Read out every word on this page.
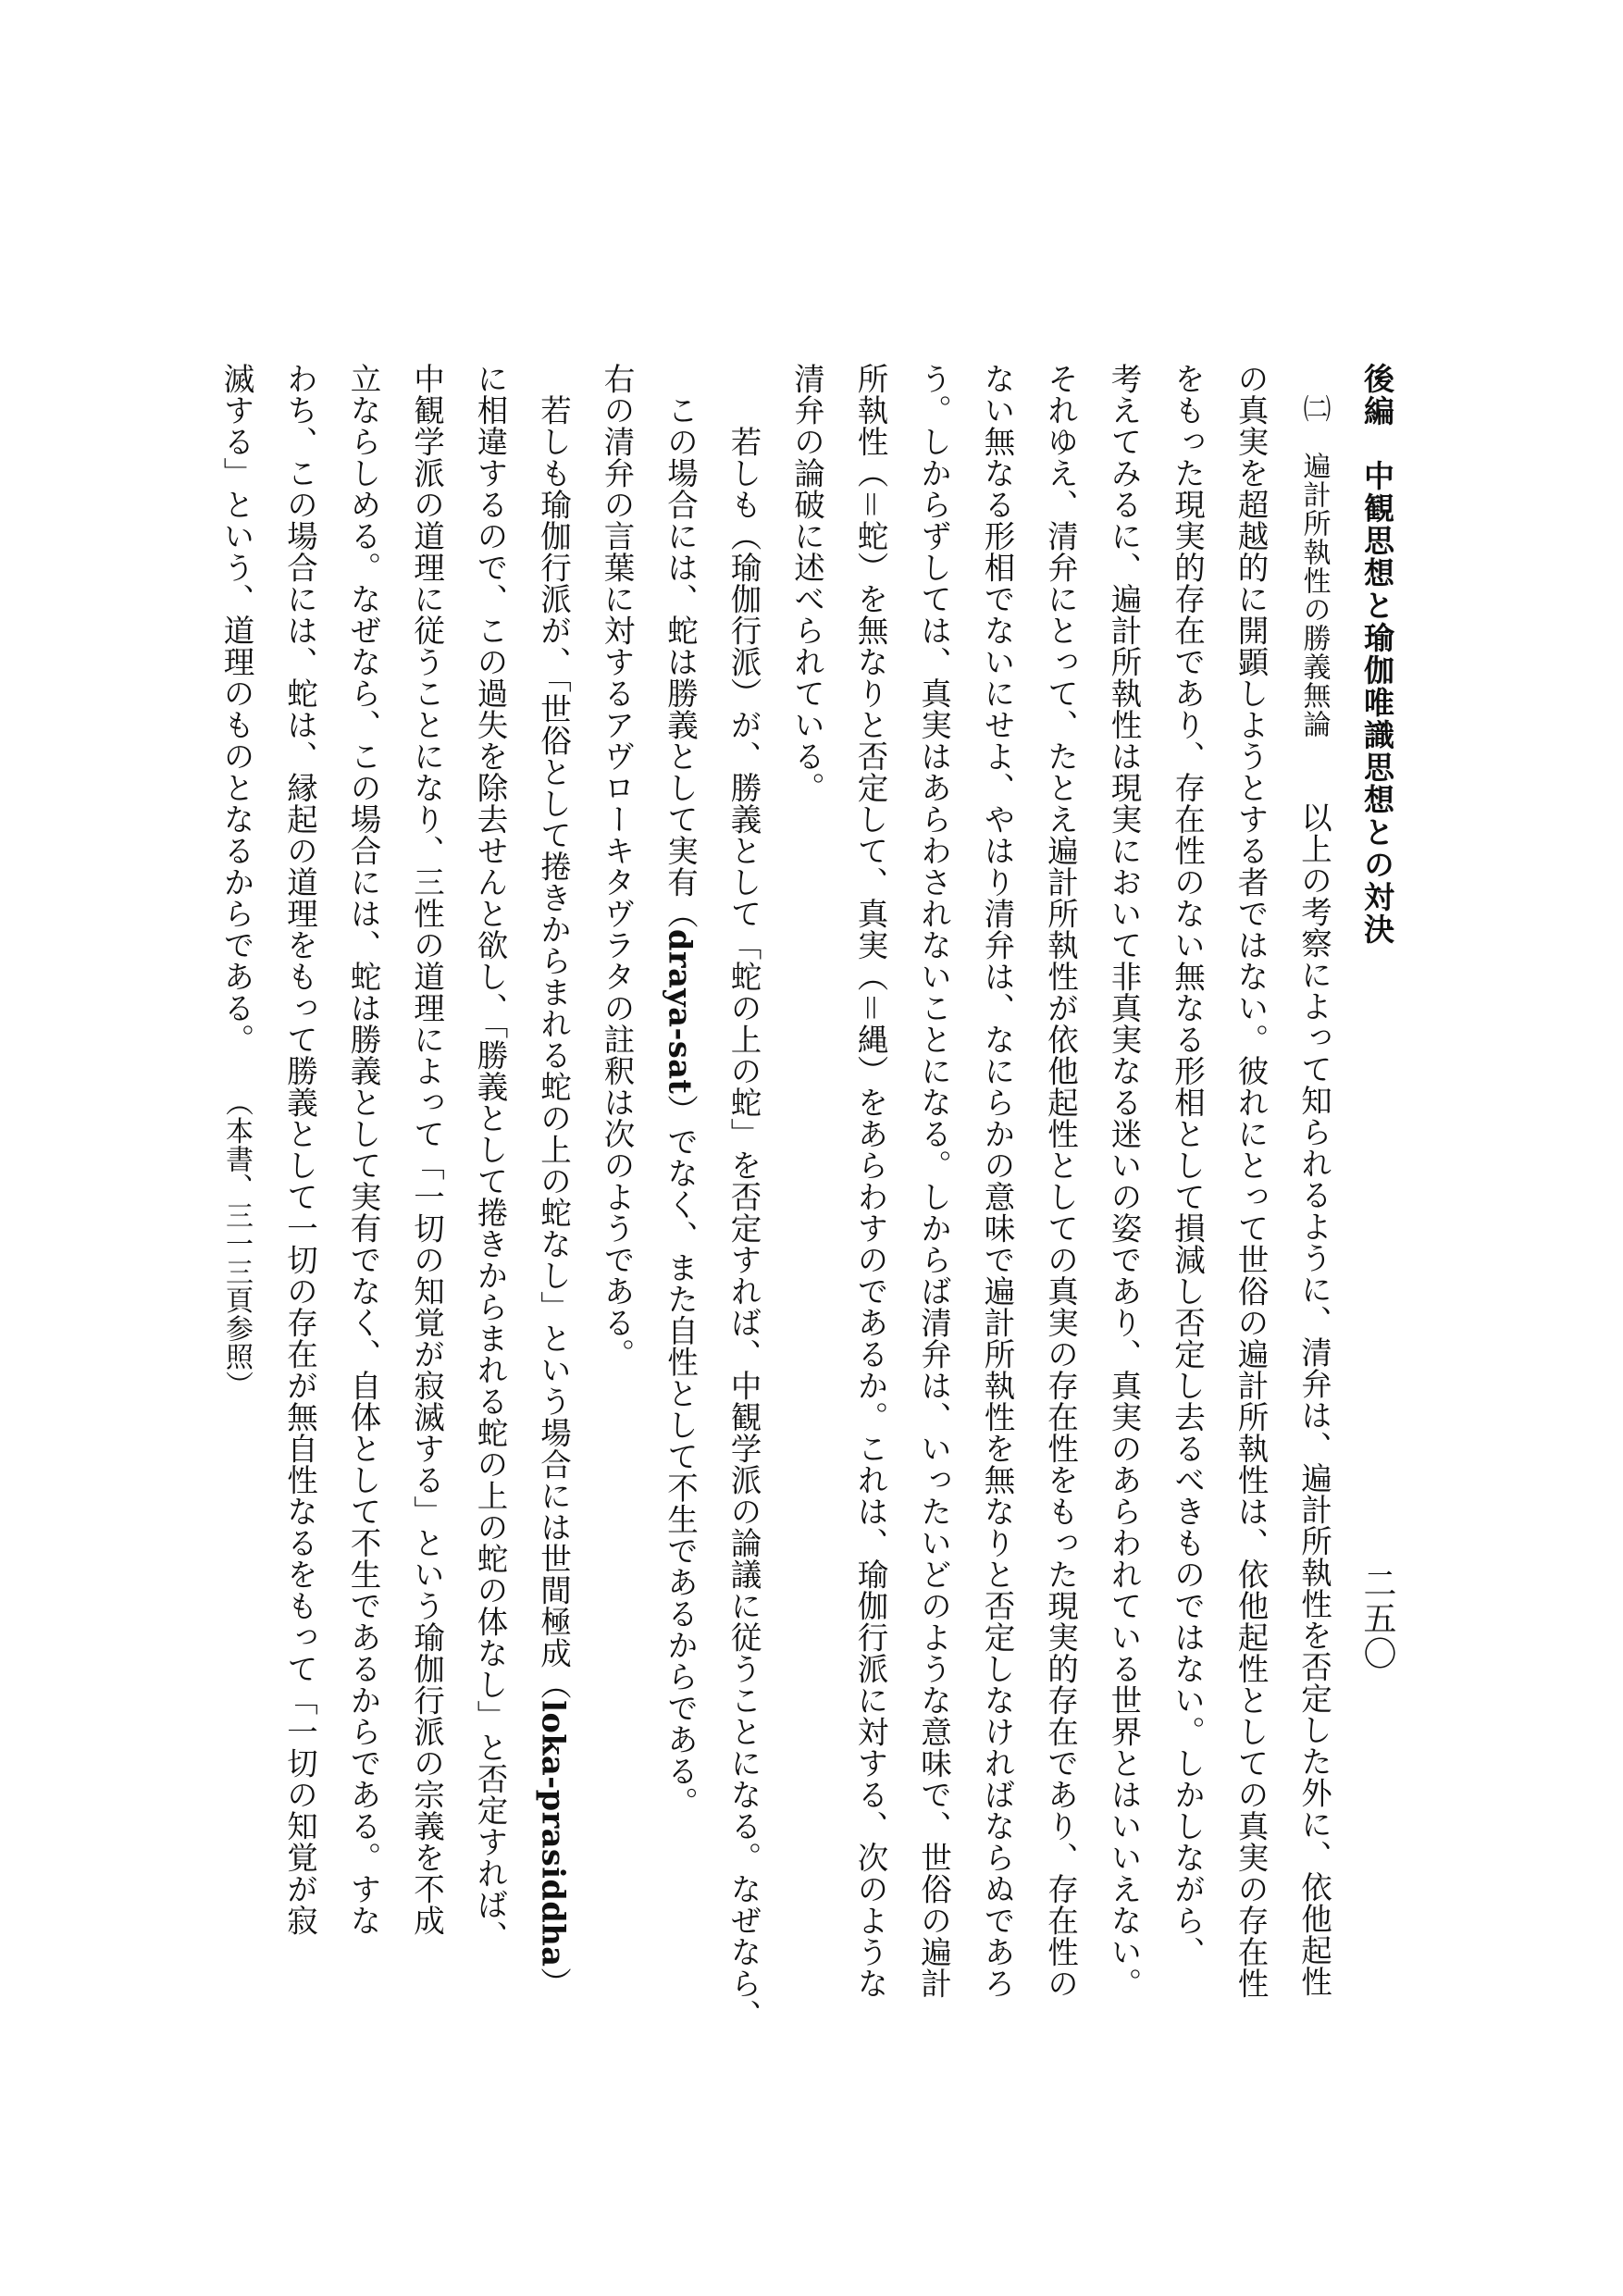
後編　中観思想と瑜伽唯識思想との対決
二五〇
㈡　遍計所執性の勝義無論　　以上の考察によって知られるように、清弁は、遍計所執性を否定した外に、依他起性
の真実を超越的に開顕しようとする者ではない。彼れにとって世俗の遍計所執性は、依他起性としての真実の存在性
をもった現実的存在であり、存在性のない無なる形相として損減し否定し去るべきものではない。しかしながら、
考えてみるに、遍計所執性は現実において非真実なる迷いの姿であり、真実のあらわれている世界とはいいえない。
それゆえ、清弁にとって、たとえ遍計所執性が依他起性としての真実の存在性をもった現実的存在であり、存在性の
ない無なる形相でないにせよ、やはり清弁は、なにらかの意味で遍計所執性を無なりと否定しなければならぬであろ
う。しからずしては、真実はあらわされないことになる。しからば清弁は、いったいどのような意味で、世俗の遍計
所執性（＝蛇）を無なりと否定して、真実（＝縄）をあらわすのであるか。これは、瑜伽行派に対する、次のような
清弁の論破に述べられている。
若しも（瑜伽行派）が、勝義として「蛇の上の蛇」を否定すれば、中観学派の論議に従うことになる。なぜなら、
この場合には、蛇は勝義として実有（draya-sat）でなく、また自性として不生であるからである。
右の清弁の言葉に対するアヴローキタヴラタの註釈は次のようである。
若しも瑜伽行派が、「世俗として捲きからまれる蛇の上の蛇なし」という場合には世間極成（loka-prasiddha）
に相違するので、この過失を除去せんと欲し、「勝義として捲きからまれる蛇の上の蛇の体なし」と否定すれば、
中観学派の道理に従うことになり、三性の道理によって「一切の知覚が寂滅する」という瑜伽行派の宗義を不成
立ならしめる。なぜなら、この場合には、蛇は勝義として実有でなく、自体として不生であるからである。すな
わち、この場合には、蛇は、縁起の道理をもって勝義として一切の存在が無自性なるをもって「一切の知覚が寂
滅する」という、道理のものとなるからである。　　（本書、三一三頁参照）
